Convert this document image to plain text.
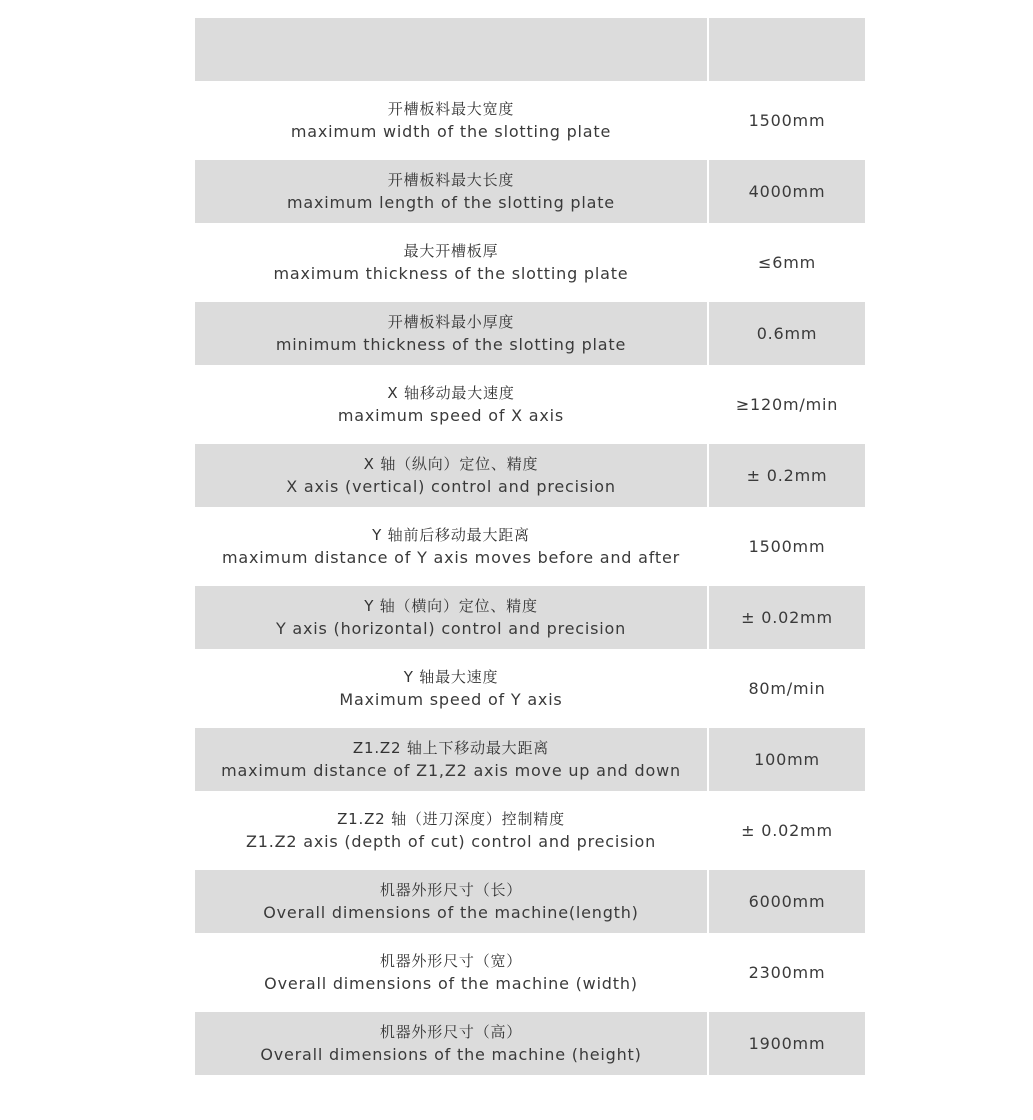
开槽板料最大宽度
maximum width of the slotting plate
1500mm
开槽板料最大长度
maximum length of the slotting plate
4000mm
最大开槽板厚
maximum thickness of the slotting plate
≤6mm
开槽板料最小厚度
minimum thickness of the slotting plate
0.6mm
X 轴移动最大速度
maximum speed of X axis
≥120m/min
X 轴（纵向）定位、精度
X axis (vertical) control and precision
± 0.2mm
Y 轴前后移动最大距离
maximum distance of Y axis moves before and after
1500mm
Y 轴（横向）定位、精度
Y axis (horizontal) control and precision
± 0.02mm
Y 轴最大速度
Maximum speed of Y axis
80m/min
Z1.Z2 轴上下移动最大距离
maximum distance of Z1,Z2 axis move up and down
100mm
Z1.Z2 轴（进刀深度）控制精度
Z1.Z2 axis (depth of cut) control and precision
± 0.02mm
机器外形尺寸（长）
Overall dimensions of the machine(length)
6000mm
机器外形尺寸（宽）
Overall dimensions of the machine (width)
2300mm
机器外形尺寸（高）
Overall dimensions of the machine (height)
1900mm
